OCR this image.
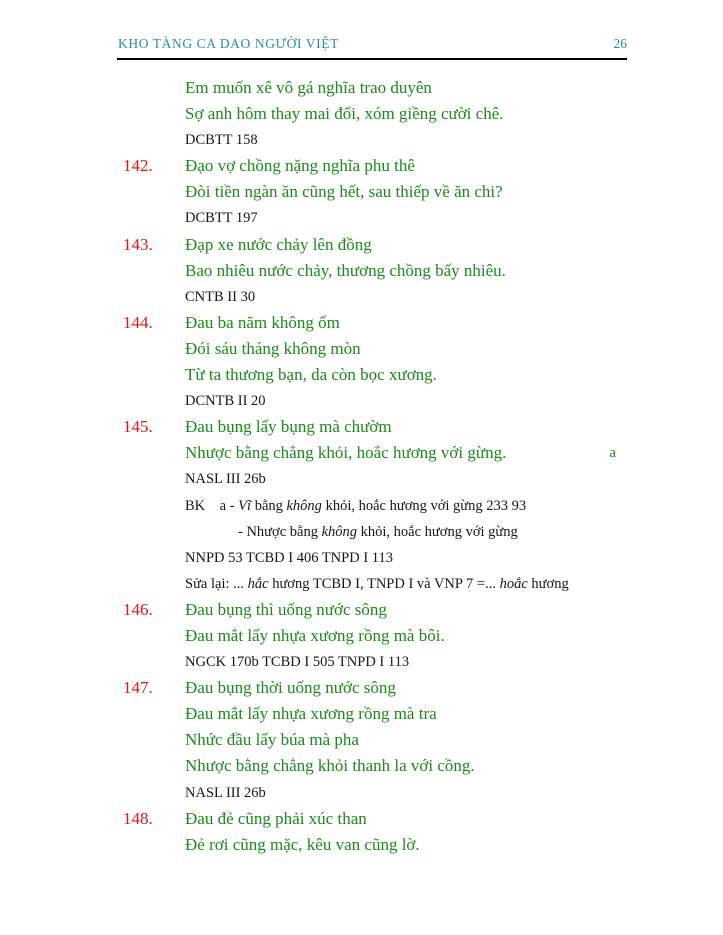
KHO TÀNG CA DAO NGƯỜI VIỆT	26
Em muốn xê vô gá nghĩa trao duyên
Sợ anh hôm thay mai đổi, xóm giềng cười chê.
DCBTT 158
142. Đạo vợ chồng nặng nghĩa phu thê
Đòi tiền ngàn ăn cũng hết, sau thiếp về ăn chi?
DCBTT 197
143. Đạp xe nước chảy lên đồng
Bao nhiêu nước chảy, thương chồng bấy nhiêu.
CNTB II 30
144. Đau ba năm không ốm
Đói sáu tháng không mòn
Từ ta thương bạn, da còn bọc xương.
DCNTB II 20
145. Đau bụng lấy bụng mà chườm
Nhược bằng chẳng khỏi, hoắc hương với gừng.	a
NASL III 26b
BK    a - Vĩ bằng không khỏi, hoắc hương với gừng 233 93
- Nhược bằng không khỏi, hoắc hương với gừng
NNPD 53 TCBD I 406 TNPD I 113
Sửa lại: ... hắc hương TCBD I, TNPD I và VNP 7 =... hoắc hương
146. Đau bụng thì uống nước sông
Đau mắt lấy nhựa xương rồng mà bôi.
NGCK 170b TCBD I 505 TNPD I 113
147. Đau bụng thời uống nước sông
Đau mắt lấy nhựa xương rồng mà tra
Nhức đầu lấy búa mà pha
Nhược bằng chẳng khỏi thanh la với cồng.
NASL III 26b
148. Đau đẻ cũng phải xúc than
Đẻ rơi cũng mặc, kêu van cũng lờ.
